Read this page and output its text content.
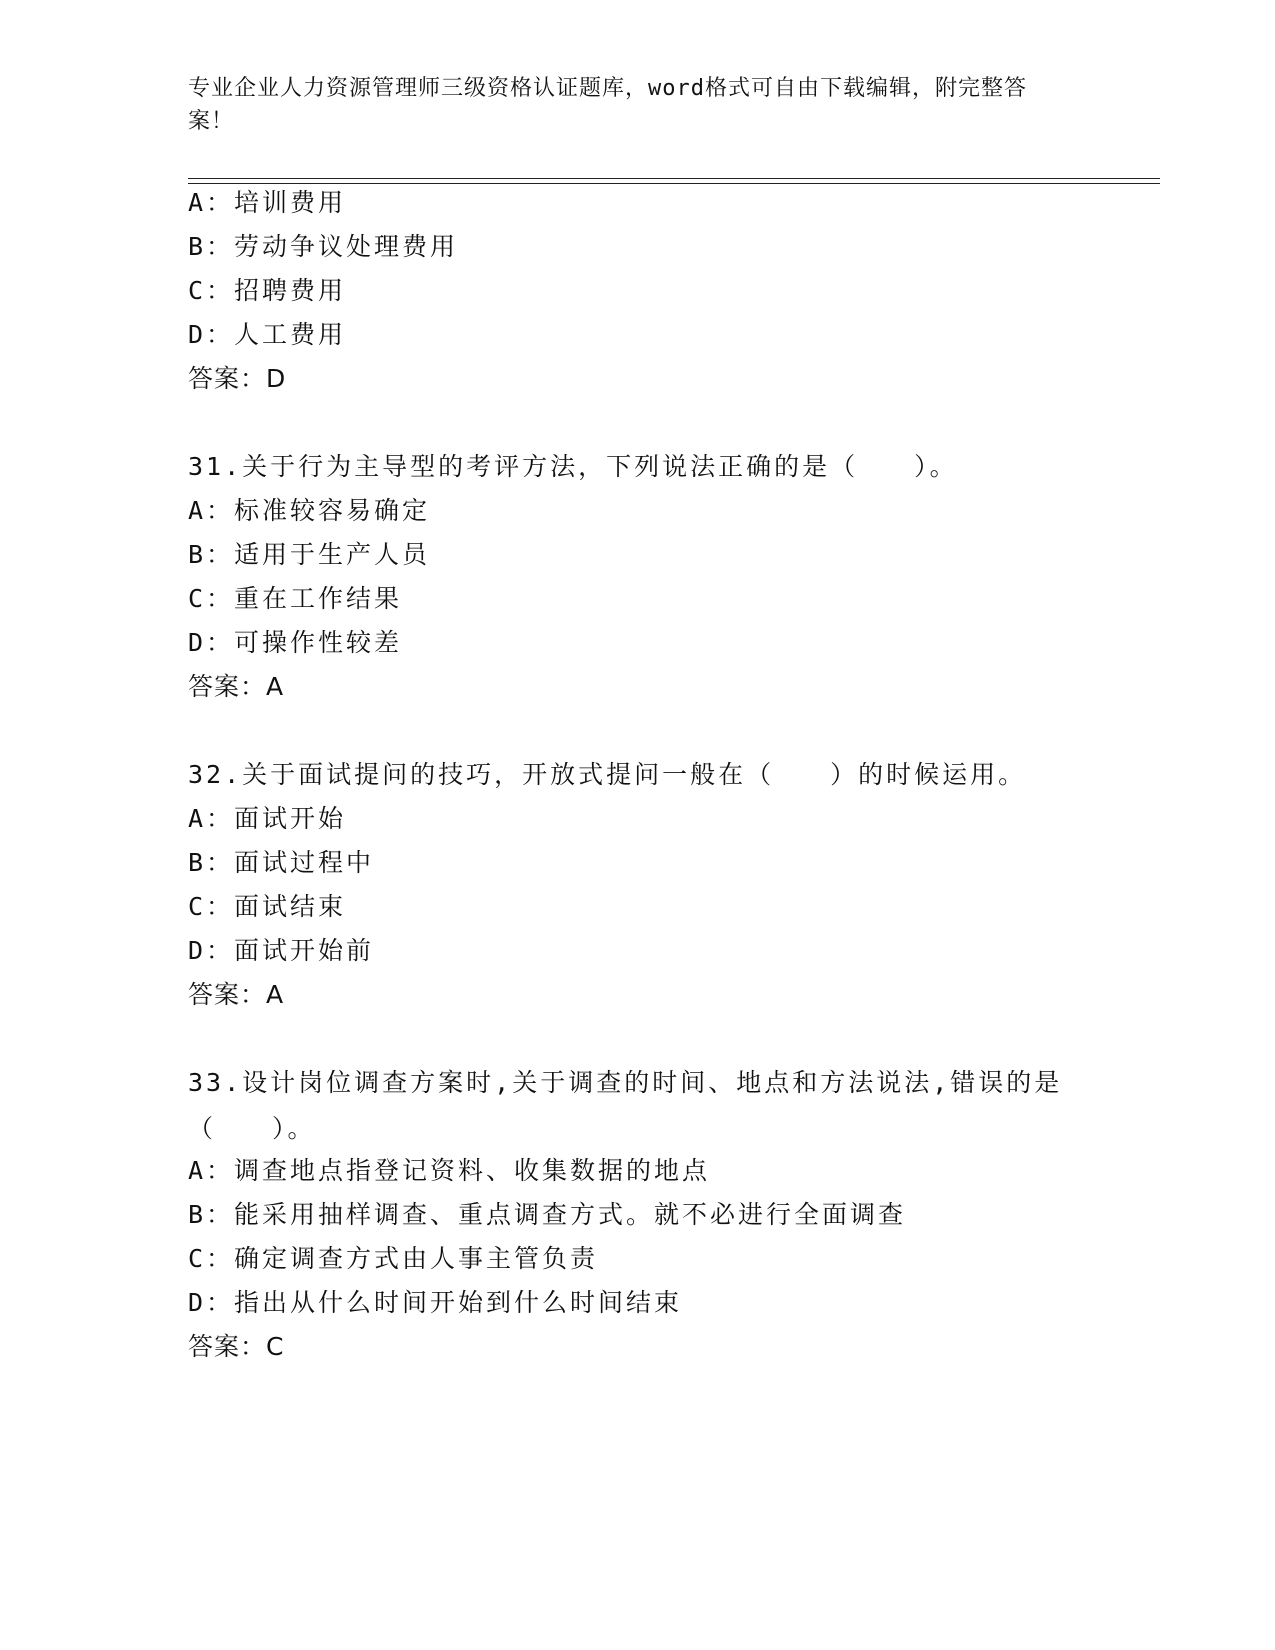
专业企业人力资源管理师三级资格认证题库，word格式可自由下载编辑，附完整答案！
A：培训费用
B：劳动争议处理费用
C：招聘费用
D：人工费用
答案：D
31.关于行为主导型的考评方法，下列说法正确的是（　　）。
A：标准较容易确定
B：适用于生产人员
C：重在工作结果
D：可操作性较差
答案：A
32.关于面试提问的技巧，开放式提问一般在（　　）的时候运用。
A：面试开始
B：面试过程中
C：面试结束
D：面试开始前
答案：A
33.设计岗位调查方案时,关于调查的时间、地点和方法说法,错误的是（　　）。
A：调查地点指登记资料、收集数据的地点
B：能采用抽样调查、重点调查方式。就不必进行全面调查
C：确定调查方式由人事主管负责
D：指出从什么时间开始到什么时间结束
答案：C
